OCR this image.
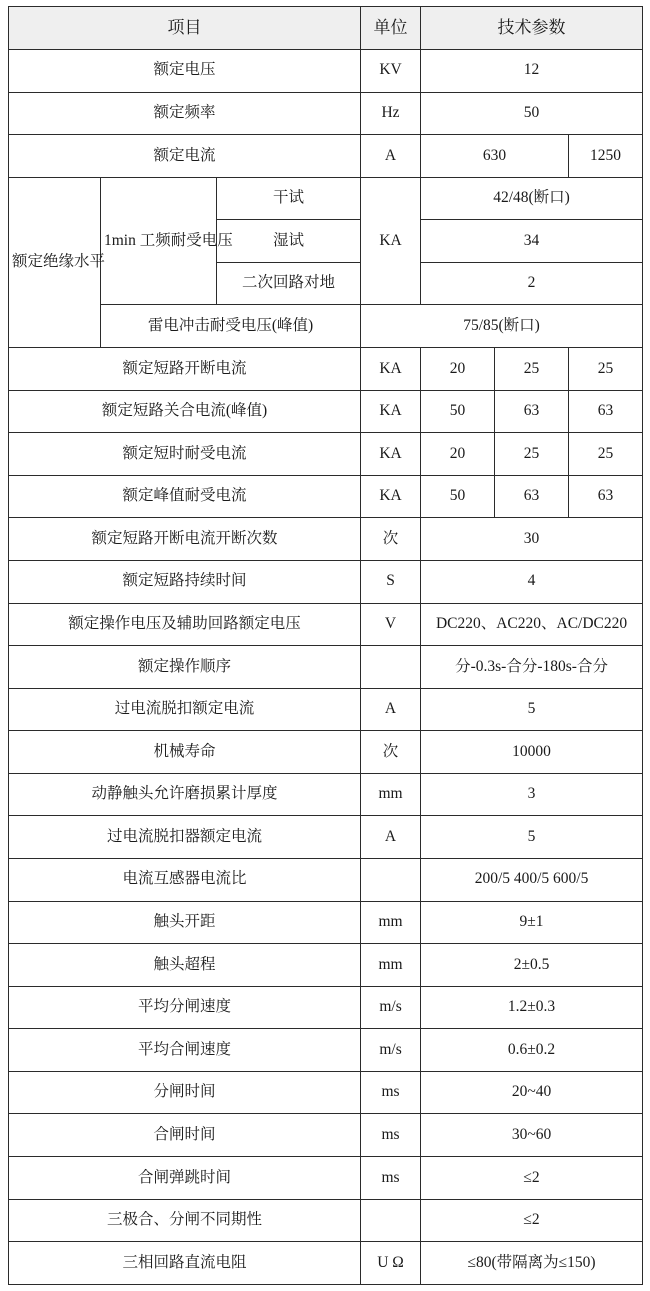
项目			单位	技术参数		
额定电压			KV	12		
额定频率			Hz	50		
额定电流			A	630		1250
额定绝缘水平	1min 工频耐受电压	干试	KA	42/48(断口)		
		湿试		34		
		二次回路对地		2		
	雷电冲击耐受电压(峰值)		75/85(断口)			
额定短路开断电流			KA	20	25	25
额定短路关合电流(峰值)			KA	50	63	63
额定短时耐受电流			KA	20	25	25
额定峰值耐受电流			KA	50	63	63
额定短路开断电流开断次数			次	30		
额定短路持续时间			S	4		
额定操作电压及辅助回路额定电压			V	DC220、AC220、AC/DC220		
额定操作顺序				分-0.3s-合分-180s-合分		
过电流脱扣额定电流			A	5		
机械寿命			次	10000		
动静触头允许磨损累计厚度			mm	3		
过电流脱扣器额定电流			A	5		
电流互感器电流比				200/5 400/5 600/5		
触头开距			mm	9±1		
触头超程			mm	2±0.5		
平均分闸速度			m/s	1.2±0.3		
平均合闸速度			m/s	0.6±0.2		
分闸时间			ms	20~40		
合闸时间			ms	30~60		
合闸弹跳时间			ms	≤2		
三极合、分闸不同期性				≤2		
三相回路直流电阻			U Ω	≤80(带隔离为≤150)		
